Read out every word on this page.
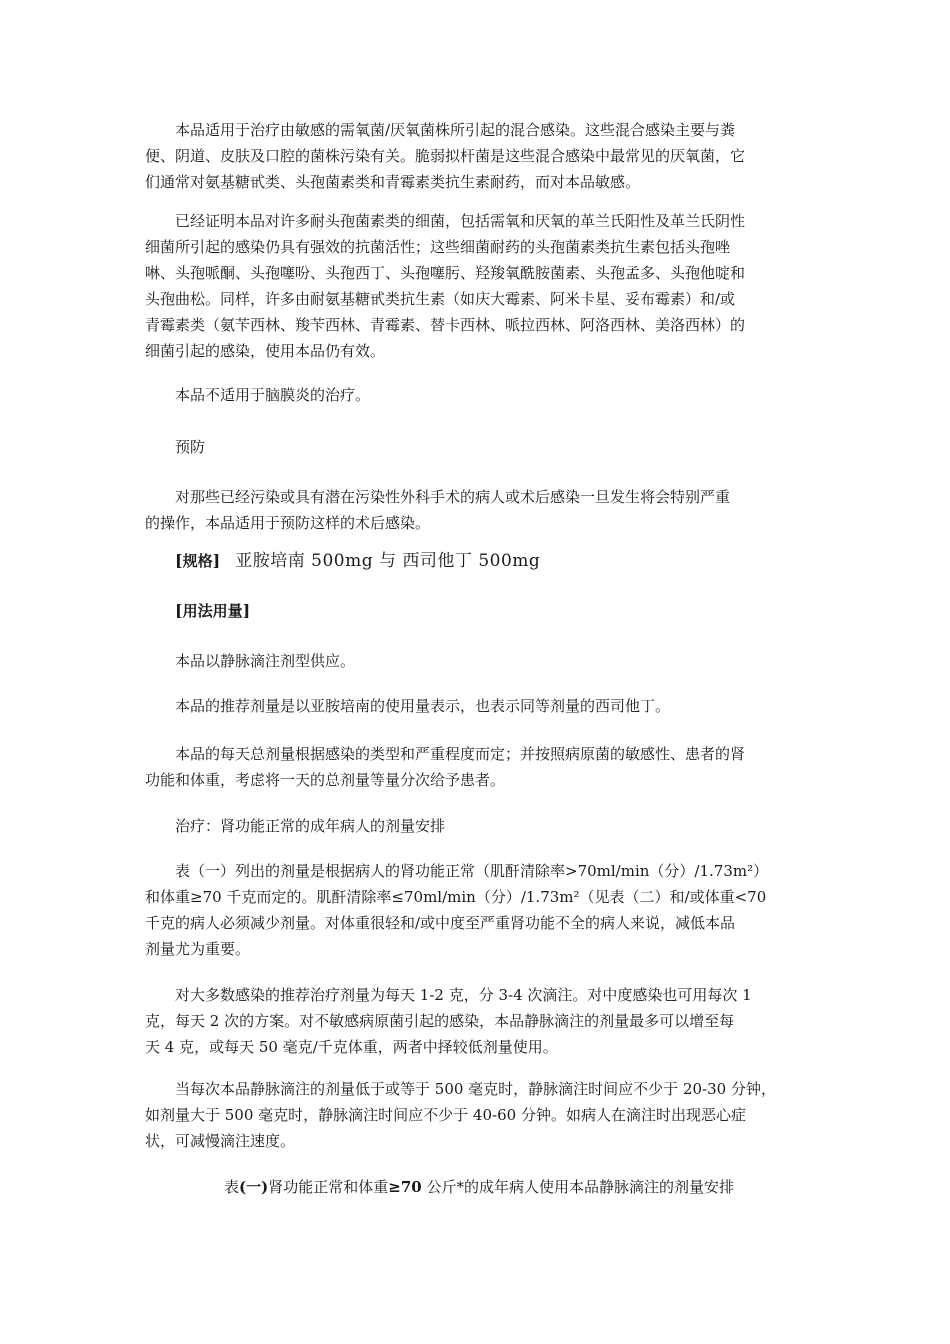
本品适用于治疗由敏感的需氧菌/厌氧菌株所引起的混合感染。这些混合感染主要与粪
便、阴道、皮肤及口腔的菌株污染有关。脆弱拟杆菌是这些混合感染中最常见的厌氧菌，它
们通常对氨基糖甙类、头孢菌素类和青霉素类抗生素耐药，而对本品敏感。

已经证明本品对许多耐头孢菌素类的细菌，包括需氧和厌氧的革兰氏阳性及革兰氏阴性
细菌所引起的感染仍具有强效的抗菌活性；这些细菌耐药的头孢菌素类抗生素包括头孢唑
啉、头孢哌酮、头孢噻吩、头孢西丁、头孢噻肟、羟羧氧酰胺菌素、头孢孟多、头孢他啶和
头孢曲松。同样，许多由耐氨基糖甙类抗生素（如庆大霉素、阿米卡星、妥布霉素）和/或
青霉素类（氨苄西林、羧苄西林、青霉素、替卡西林、哌拉西林、阿洛西林、美洛西林）的
细菌引起的感染，使用本品仍有效。

本品不适用于脑膜炎的治疗。

预防

对那些已经污染或具有潜在污染性外科手术的病人或术后感染一旦发生将会特别严重
的操作，本品适用于预防这样的术后感染。

[规格] 亚胺培南 500mg 与 西司他丁 500mg
[用法用量]

本品以静脉滴注剂型供应。

本品的推荐剂量是以亚胺培南的使用量表示，也表示同等剂量的西司他丁。

本品的每天总剂量根据感染的类型和严重程度而定；并按照病原菌的敏感性、患者的肾
功能和体重，考虑将一天的总剂量等量分次给予患者。

治疗：肾功能正常的成年病人的剂量安排

表（一）列出的剂量是根据病人的肾功能正常（肌酐清除率>70ml/min（分）/1.73m²）
和体重≥70 千克而定的。肌酐清除率≤70ml/min（分）/1.73m²（见表（二）和/或体重<70
千克的病人必须减少剂量。对体重很轻和/或中度至严重肾功能不全的病人来说，减低本品
剂量尤为重要。

对大多数感染的推荐治疗剂量为每天 1-2 克，分 3-4 次滴注。对中度感染也可用每次 1
克，每天 2 次的方案。对不敏感病原菌引起的感染，本品静脉滴注的剂量最多可以增至每
天 4 克，或每天 50 毫克/千克体重，两者中择较低剂量使用。

当每次本品静脉滴注的剂量低于或等于 500 毫克时，静脉滴注时间应不少于 20-30 分钟，
如剂量大于 500 毫克时，静脉滴注时间应不少于 40-60 分钟。如病人在滴注时出现恶心症
状，可减慢滴注速度。

表(一)肾功能正常和体重≥70 公斤*的成年病人使用本品静脉滴注的剂量安排
